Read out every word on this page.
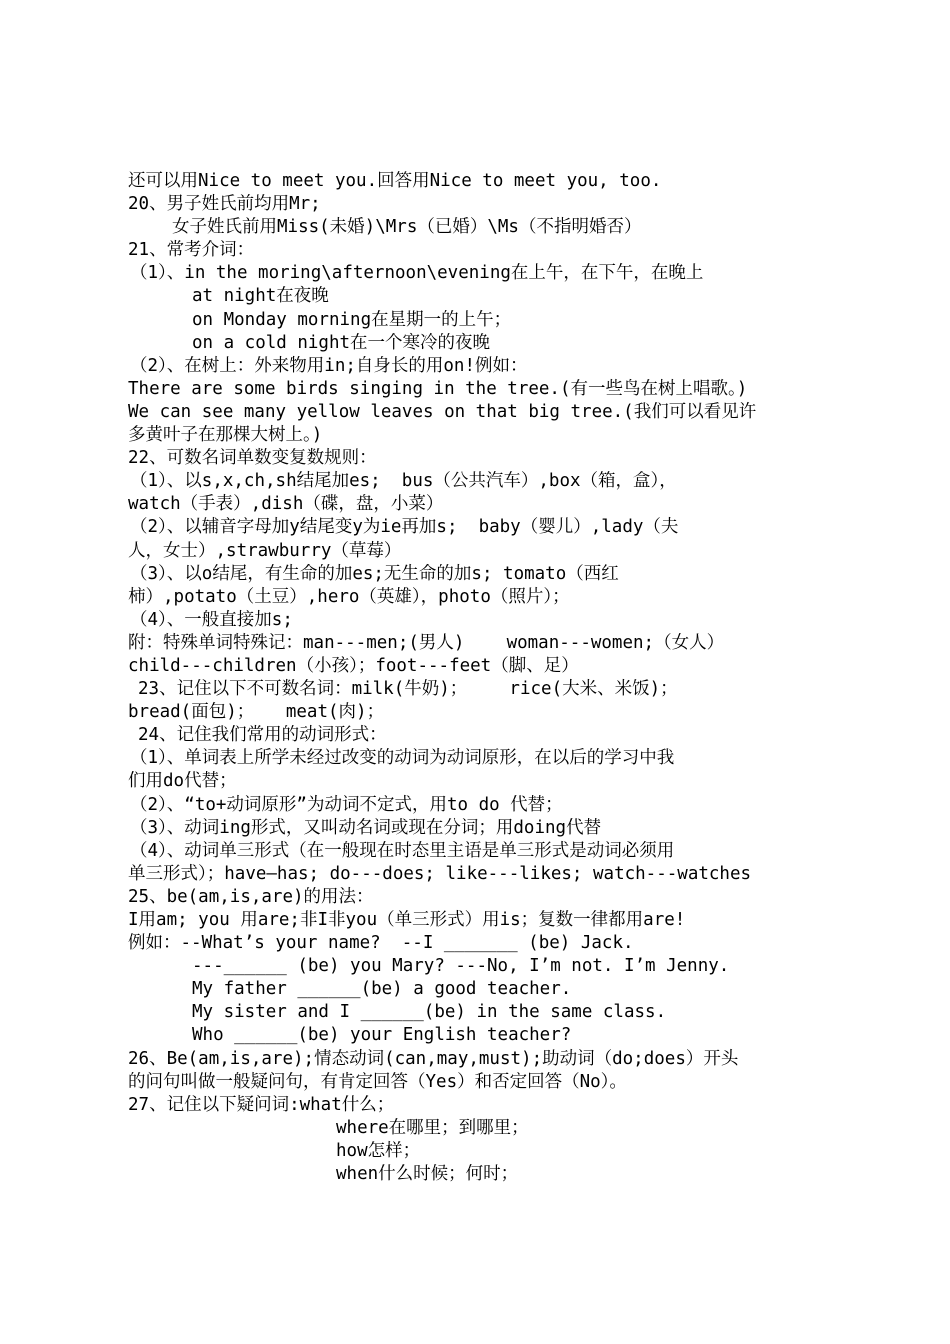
还可以用Nice to meet you.回答用Nice to meet you, too.
20、男子姓氏前均用Mr;
女子姓氏前用Miss(未婚)\Mrs（已婚）\Ms（不指明婚否）
21、常考介词：
（1）、in the moring\afternoon\evening在上午，在下午，在晚上
at night在夜晚
on Monday morning在星期一的上午；
on a cold night在一个寒冷的夜晚
（2）、在树上：外来物用in;自身长的用on!例如：
There are some birds singing in the tree.(有一些鸟在树上唱歌。)
We can see many yellow leaves on that big tree.(我们可以看见许
多黄叶子在那棵大树上。)
22、可数名词单数变复数规则：
（1）、以s,x,ch,sh结尾加es;  bus（公共汽车）,box（箱，盒），
watch（手表）,dish（碟，盘，小菜）
（2）、以辅音字母加y结尾变y为ie再加s;  baby（婴儿）,lady（夫
人，女士）,strawburry（草莓）
（3）、以o结尾，有生命的加es;无生命的加s; tomato（西红
柿）,potato（土豆）,hero（英雄），photo（照片）；
（4）、一般直接加s;
附：特殊单词特殊记：man---men;(男人)    woman---women;（女人）
child---children（小孩）；foot---feet（脚、足）
23、记住以下不可数名词：milk(牛奶)；    rice(大米、米饭)；
bread(面包)；   meat(肉)；
24、记住我们常用的动词形式：
（1）、单词表上所学未经过改变的动词为动词原形，在以后的学习中我
们用do代替；
（2）、“to+动词原形”为动词不定式，用to do 代替；
（3）、动词ing形式，又叫动名词或现在分词；用doing代替
（4）、动词单三形式（在一般现在时态里主语是单三形式是动词必须用
单三形式）；have—has; do---does; like---likes; watch---watches
25、be(am,is,are)的用法：
I用am; you 用are;非I非you（单三形式）用is；复数一律都用are!
例如：--What’s your name?  --I _______ (be) Jack.
---______ (be) you Mary? ---No, I’m not. I’m Jenny.
My father ______(be) a good teacher.
My sister and I ______(be) in the same class.
Who ______(be) your English teacher?
26、Be(am,is,are);情态动词(can,may,must);助动词（do;does）开头
的问句叫做一般疑问句，有肯定回答（Yes）和否定回答（No）。
27、记住以下疑问词:what什么；
where在哪里；到哪里；
how怎样；
when什么时候；何时；
